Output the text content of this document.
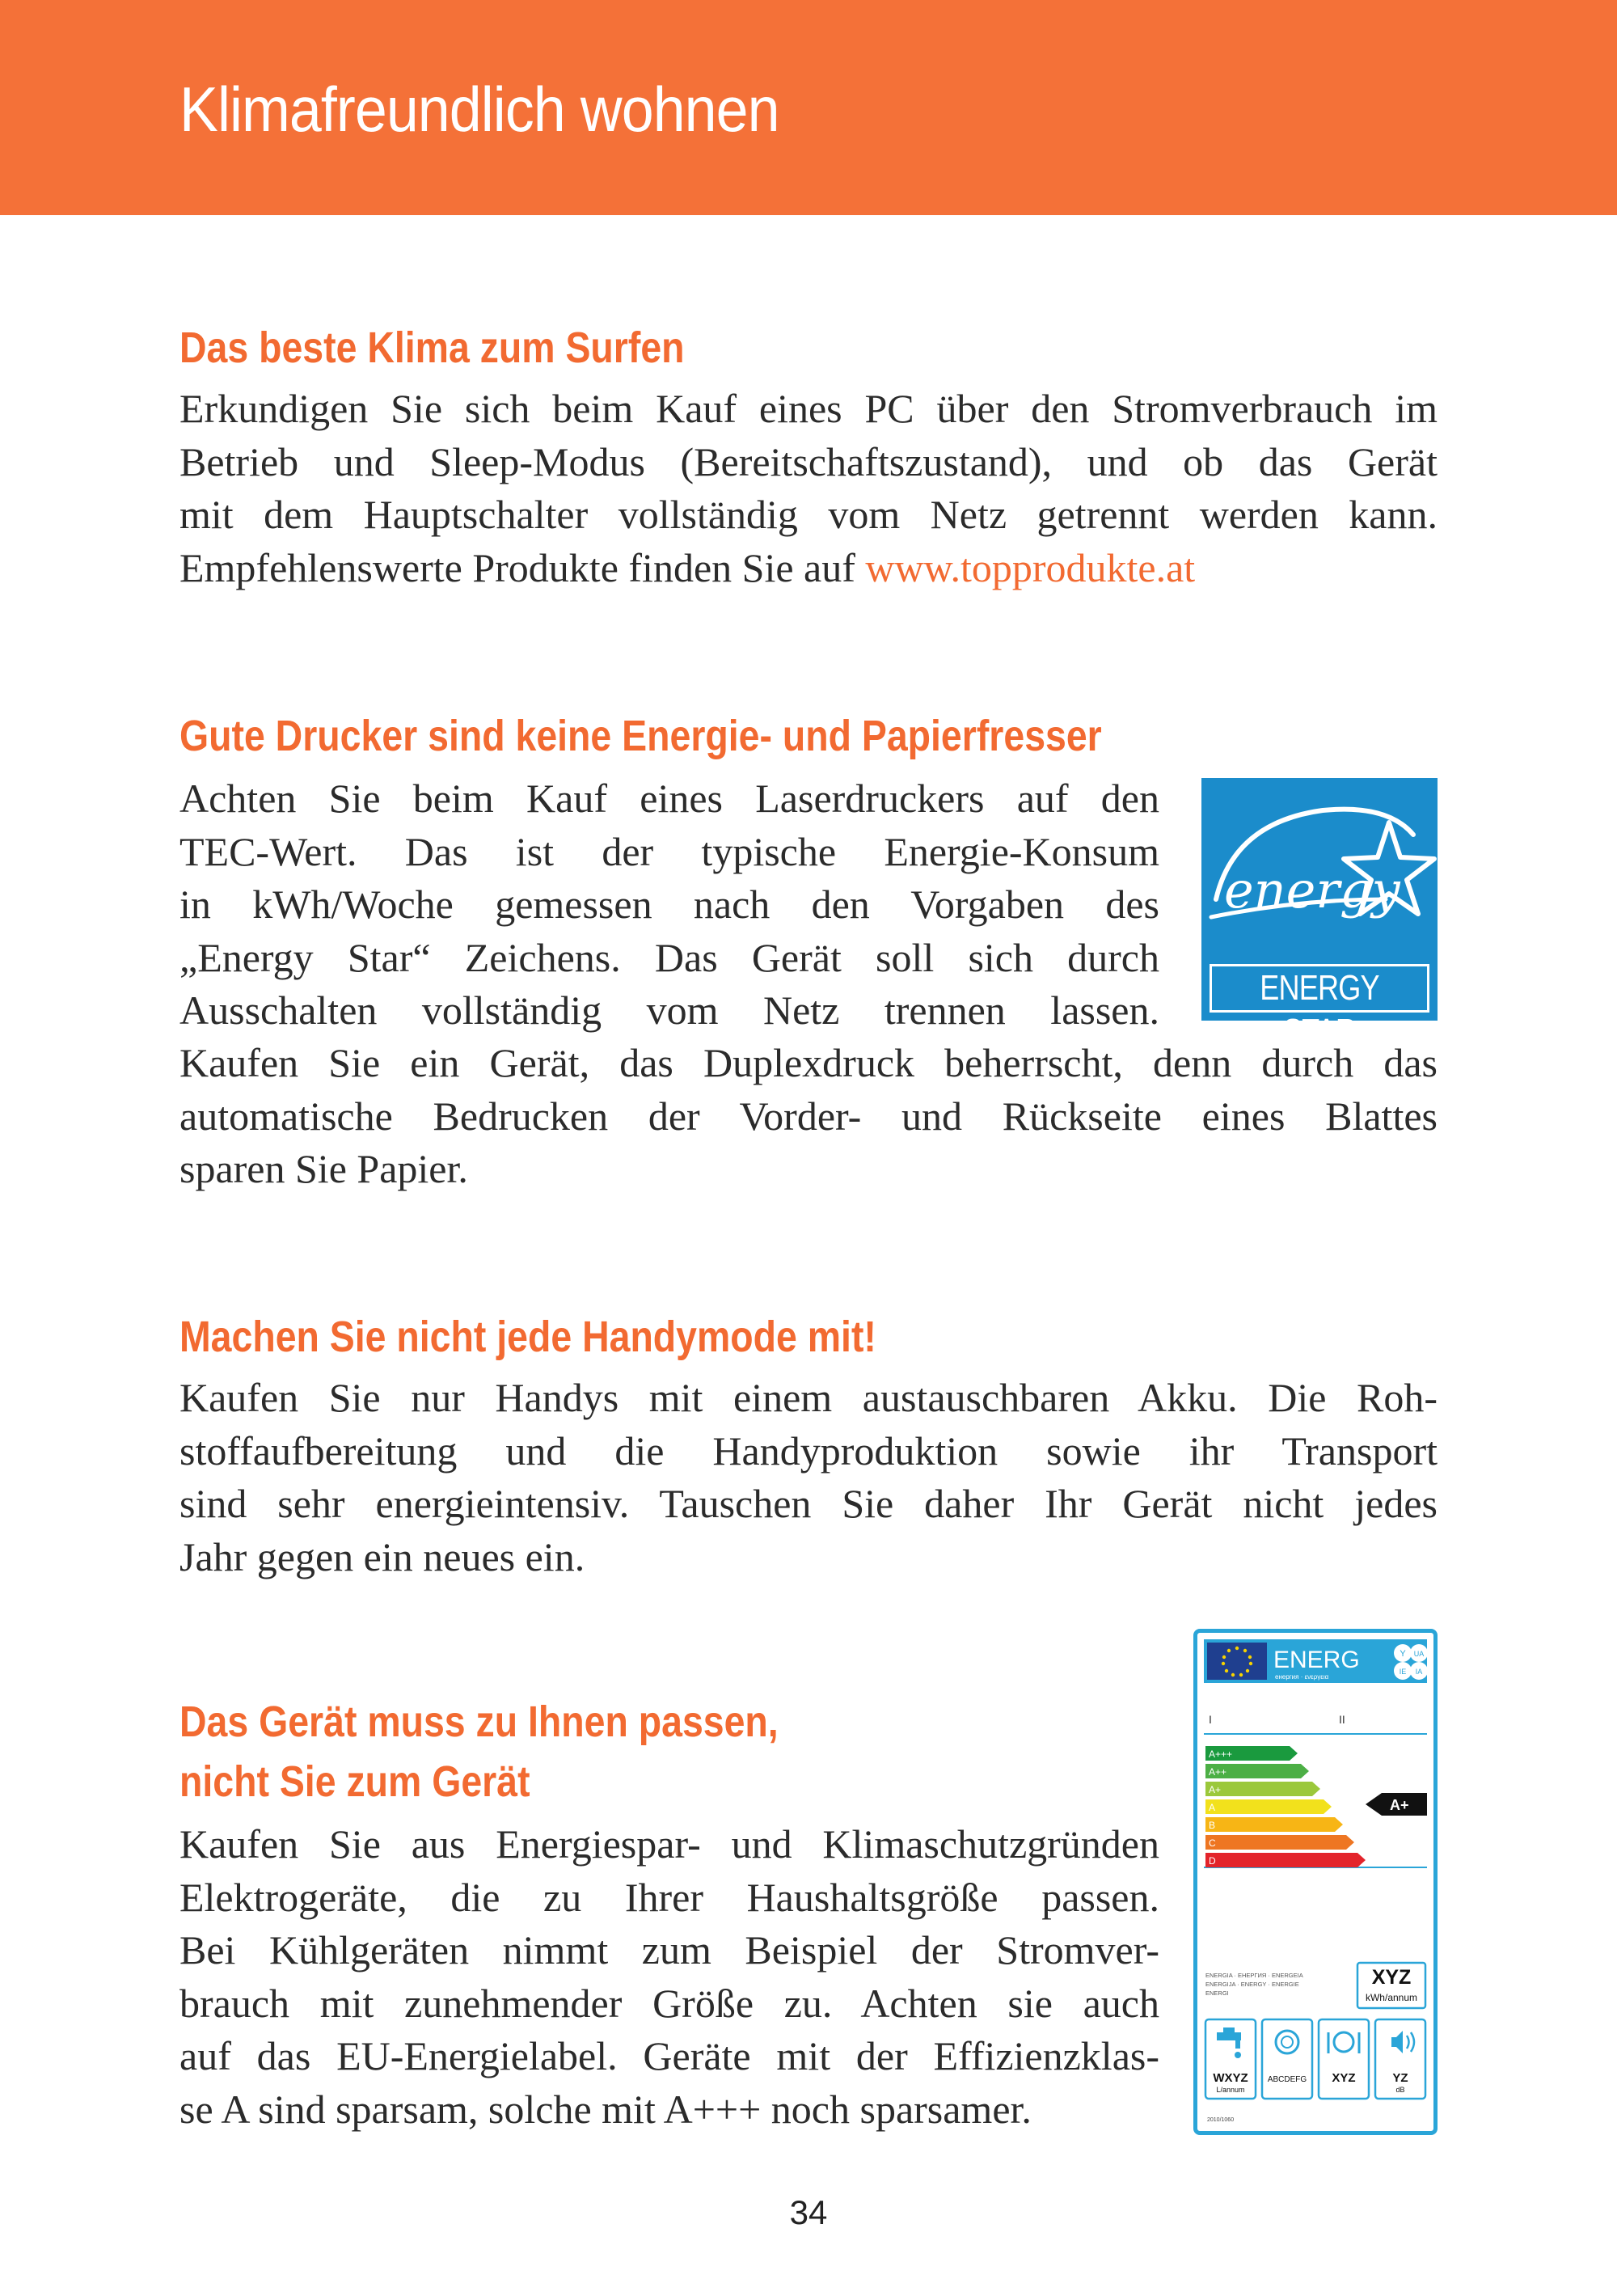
Klimafreundlich wohnen
Das beste Klima zum Surfen
Erkundigen Sie sich beim Kauf eines PC über den Stromverbrauch im
Betrieb und Sleep-Modus (Bereitschaftszustand), und ob das Gerät
mit dem Hauptschalter vollständig vom Netz getrennt werden kann.
Empfehlenswerte Produkte finden Sie auf www.topprodukte.at
Gute Drucker sind keine Energie- und Papierfresser
Achten Sie beim Kauf eines Laserdruckers auf den
TEC-Wert. Das ist der typische Energie-Konsum
in kWh/Woche gemessen nach den Vorgaben des
„Energy Star“ Zeichens. Das Gerät soll sich durch
Ausschalten vollständig vom Netz trennen lassen.
Kaufen Sie ein Gerät, das Duplexdruck beherrscht, denn durch das
automatische Bedrucken der Vorder- und Rückseite eines Blattes
sparen Sie Papier.
energy
ENERGY STAR
Machen Sie nicht jede Handymode mit!
Kaufen Sie nur Handys mit einem austauschbaren Akku. Die Roh-
stoffaufbereitung und die Handyproduktion sowie ihr Transport
sind sehr energieintensiv. Tauschen Sie daher Ihr Gerät nicht jedes
Jahr gegen ein neues ein.
Das Gerät muss zu Ihnen passen,
nicht Sie zum Gerät
Kaufen Sie aus Energiespar- und Klimaschutzgründen
Elektrogeräte, die zu Ihrer Haushaltsgröße passen.
Bei Kühlgeräten nimmt zum Beispiel der Stromver-
brauch mit zunehmender Größe zu. Achten sie auch
auf das EU-Energielabel. Geräte mit der Effizienzklas-
se A sind sparsam, solche mit A+++ noch sparsamer.
ENERG
енергия · ενεργεια
Y UA
IE IA
I	II
A+++
A++
A+
A
B
C
D
A+
ENERGIA · ЕНЕРГИЯ · ENERGEIA
ENERGIJA · ENERGY · ENERGIE
ENERGI
XYZ
kWh/annum
WXYZ
L/annum
ABCDEFG XYZ	YZ
dB
2010/1060
34
